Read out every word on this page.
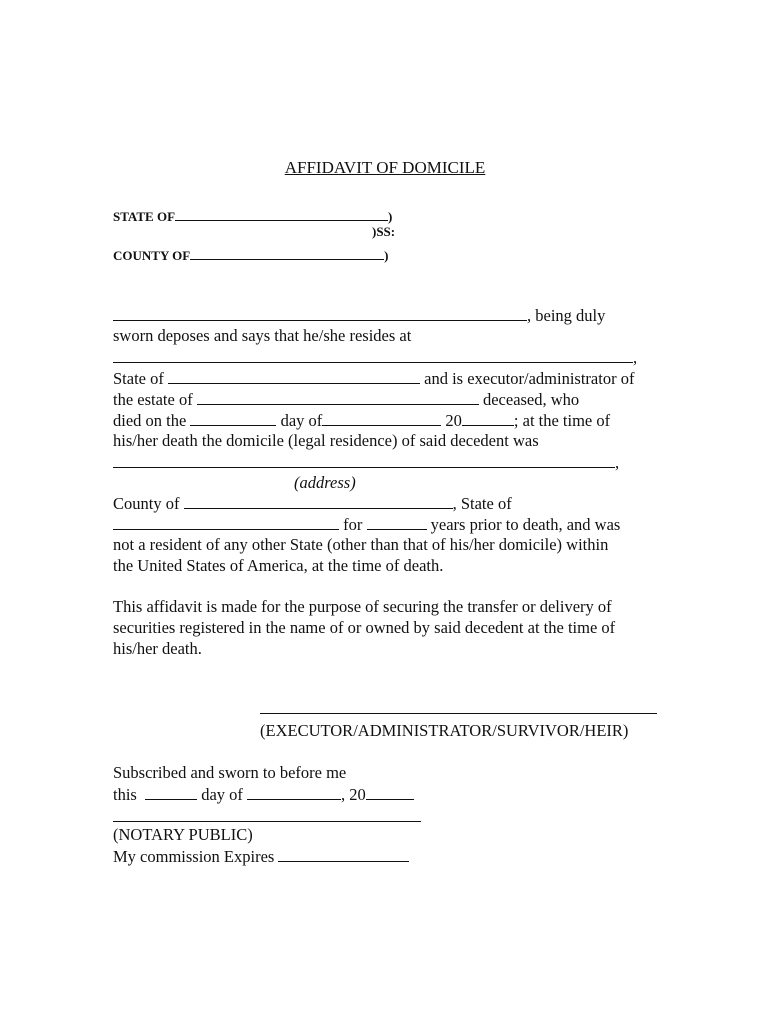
AFFIDAVIT OF DOMICILE
STATE OF	)
)SS:
COUNTY OF	)
, being duly
sworn deposes and says that he/she resides at
,
State of	and is executor/administrator of
the estate of	deceased, who
died on the	day of	20	; at the time of
his/her death the domicile (legal residence) of said decedent was
,
(address)
County of	, State of
for	years prior to death, and was
not a resident of any other State (other than that of his/her domicile) within
the United States of America, at the time of death.
This affidavit is made for the purpose of securing the transfer or delivery of
securities registered in the name of or owned by said decedent at the time of
his/her death.
(EXECUTOR/ADMINISTRATOR/SURVIVOR/HEIR)
Subscribed and sworn to before me
this	day of	, 20
(NOTARY PUBLIC)
My commission Expires
